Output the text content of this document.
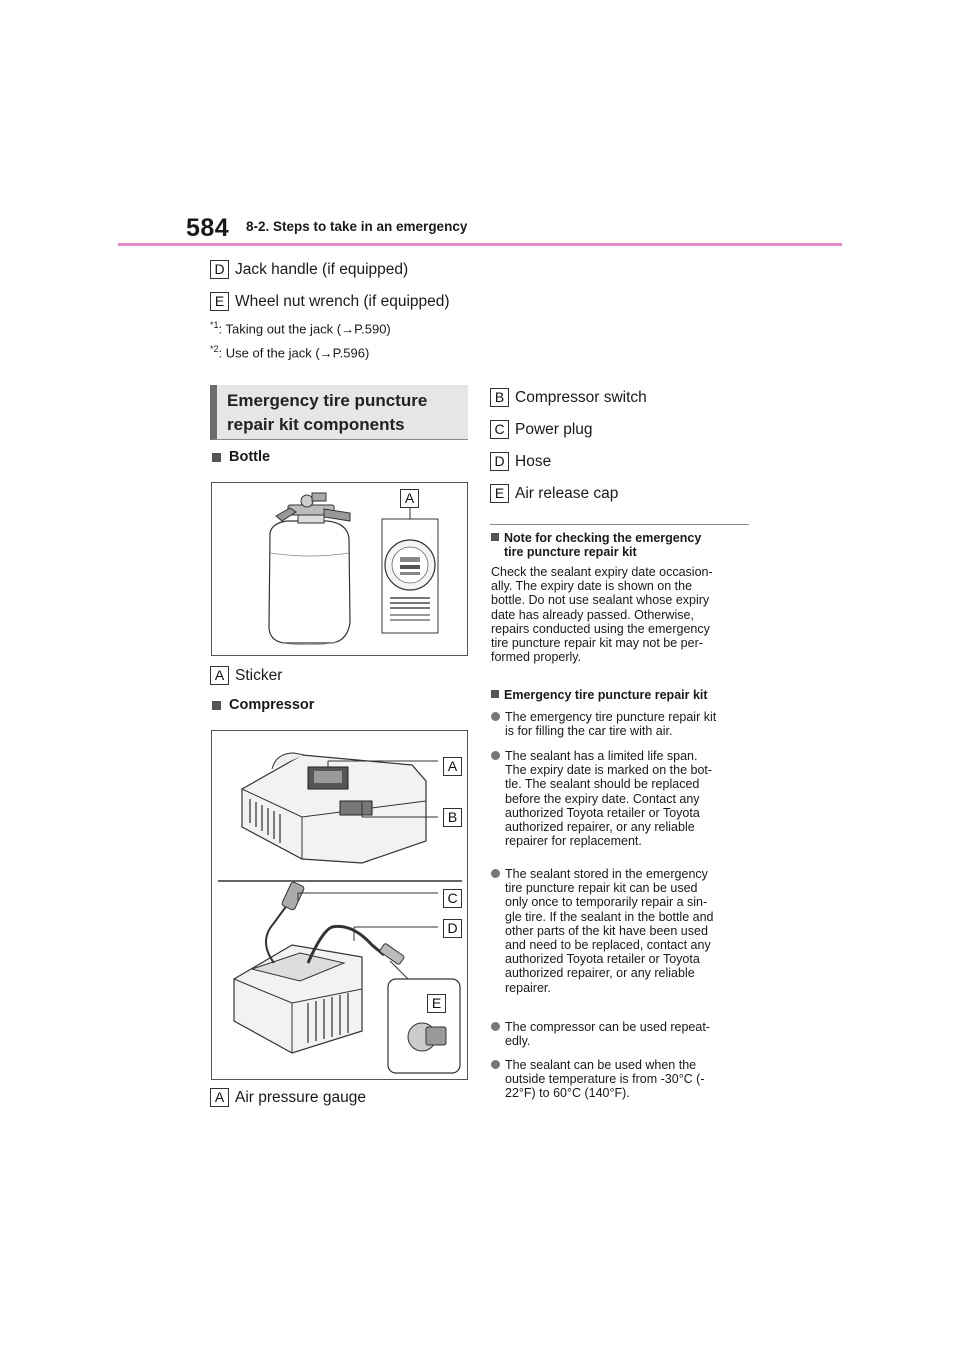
584 8-2. Steps to take in an emergency
D Jack handle (if equipped)
E Wheel nut wrench (if equipped)
$^{*1}$: Taking out the jack (→P.590)
$^{*2}$: Use of the jack (→P.596)
Emergency tire puncture
repair kit components
Bottle
A
A Sticker
Compressor
A
B
C
D
E
A Air pressure gauge
B Compressor switch
C Power plug
D Hose
E Air release cap
Note for checking the emergency
tire puncture repair kit
Check the sealant expiry date occasion-
ally. The expiry date is shown on the
bottle. Do not use sealant whose expiry
date has already passed. Otherwise,
repairs conducted using the emergency
tire puncture repair kit may not be per-
formed properly.
Emergency tire puncture repair kit
The emergency tire puncture repair kit
is for filling the car tire with air.
The sealant has a limited life span.
The expiry date is marked on the bot-
tle. The sealant should be replaced
before the expiry date. Contact any
authorized Toyota retailer or Toyota
authorized repairer, or any reliable
repairer for replacement.
The sealant stored in the emergency
tire puncture repair kit can be used
only once to temporarily repair a sin-
gle tire. If the sealant in the bottle and
other parts of the kit have been used
and need to be replaced, contact any
authorized Toyota retailer or Toyota
authorized repairer, or any reliable
repairer.
The compressor can be used repeat-
edly.
The sealant can be used when the
outside temperature is from -30°C (-
22°F) to 60°C (140°F).
